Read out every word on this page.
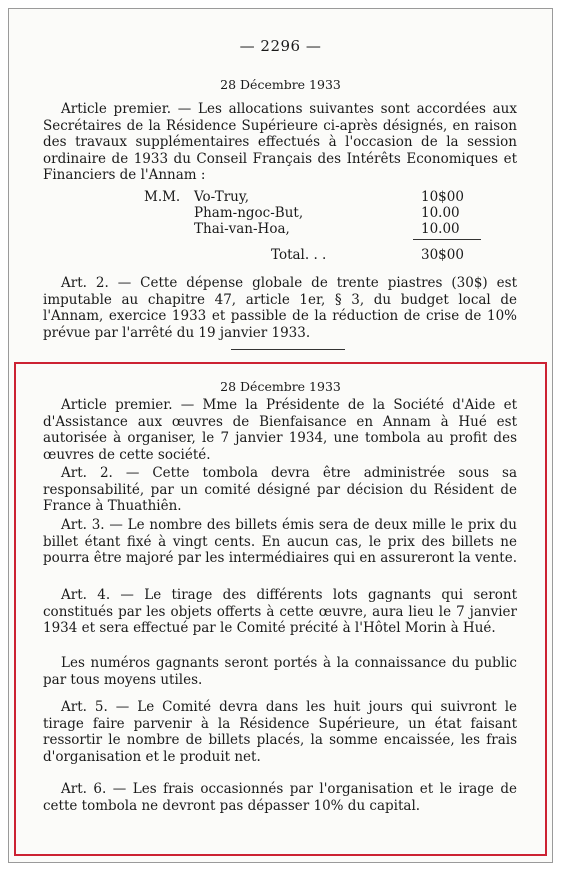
— 2296 —
28 Décembre 1933
Article premier. — Les allocations suivantes sont accordées aux Secrétaires de la Résidence Supérieure ci-après désignés, en raison des travaux supplémentaires effectués à l'occasion de la session ordinaire de 1933 du Conseil Français des Intérêts Economiques et Financiers de l'Annam :
M.M. Vo-Truy,	10$00
Pham-ngoc-But,	10.00
Thai-van-Hoa,	10.00
Total. . .	30$00
Art. 2. — Cette dépense globale de trente piastres (30$) est imputable au chapitre 47, article 1er, § 3, du budget local de l'Annam, exercice 1933 et passible de la réduction de crise de 10% prévue par l'arrêté du 19 janvier 1933.
28 Décembre 1933
Article premier. — Mme la Présidente de la Société d'Aide et d'Assistance aux œuvres de Bienfaisance en Annam à Hué est autorisée à organiser, le 7 janvier 1934, une tombola au profit des œuvres de cette société.
Art. 2. — Cette tombola devra être administrée sous sa responsabilité, par un comité désigné par décision du Résident de France à Thuathiên.
Art. 3. — Le nombre des billets émis sera de deux mille le prix du billet étant fixé à vingt cents. En aucun cas, le prix des billets ne pourra être majoré par les intermédiaires qui en assureront la vente.
Art. 4. — Le tirage des différents lots gagnants qui seront constitués par les objets offerts à cette œuvre, aura lieu le 7 janvier 1934 et sera effectué par le Comité précité à l'Hôtel Morin à Hué.
Les numéros gagnants seront portés à la connaissance du public par tous moyens utiles.
Art. 5. — Le Comité devra dans les huit jours qui suivront le tirage faire parvenir à la Résidence Supérieure, un état faisant ressortir le nombre de billets placés, la somme encaissée, les frais d'organisation et le produit net.
Art. 6. — Les frais occasionnés par l'organisation et le irage de cette tombola ne devront pas dépasser 10% du capital.
